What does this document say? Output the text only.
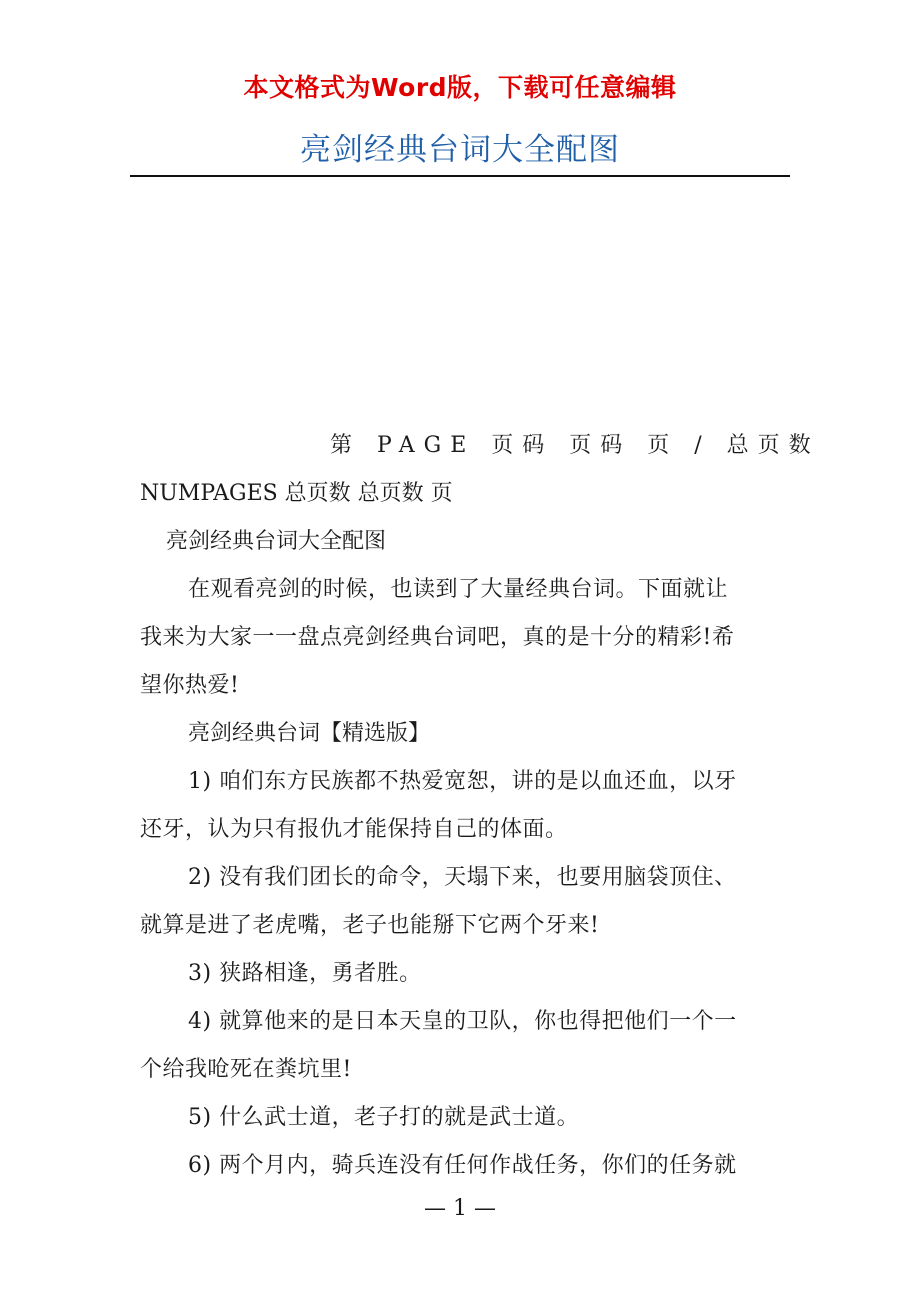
本文格式为Word版，下载可任意编辑
亮剑经典台词大全配图
第 PAGE 页码 页码 页 / 总页数
NUMPAGES 总页数 总页数 页
亮剑经典台词大全配图
在观看亮剑的时候，也读到了大量经典台词。下面就让
我来为大家一一盘点亮剑经典台词吧，真的是十分的精彩!希
望你热爱!
亮剑经典台词【精选版】
1) 咱们东方民族都不热爱宽恕，讲的是以血还血，以牙
还牙，认为只有报仇才能保持自己的体面。
2) 没有我们团长的命令，天塌下来，也要用脑袋顶住、
就算是进了老虎嘴，老子也能掰下它两个牙来!
3) 狭路相逢，勇者胜。
4) 就算他来的是日本天皇的卫队，你也得把他们一个一
个给我呛死在粪坑里!
5) 什么武士道，老子打的就是武士道。
6) 两个月内，骑兵连没有任何作战任务，你们的任务就
— 1 —
